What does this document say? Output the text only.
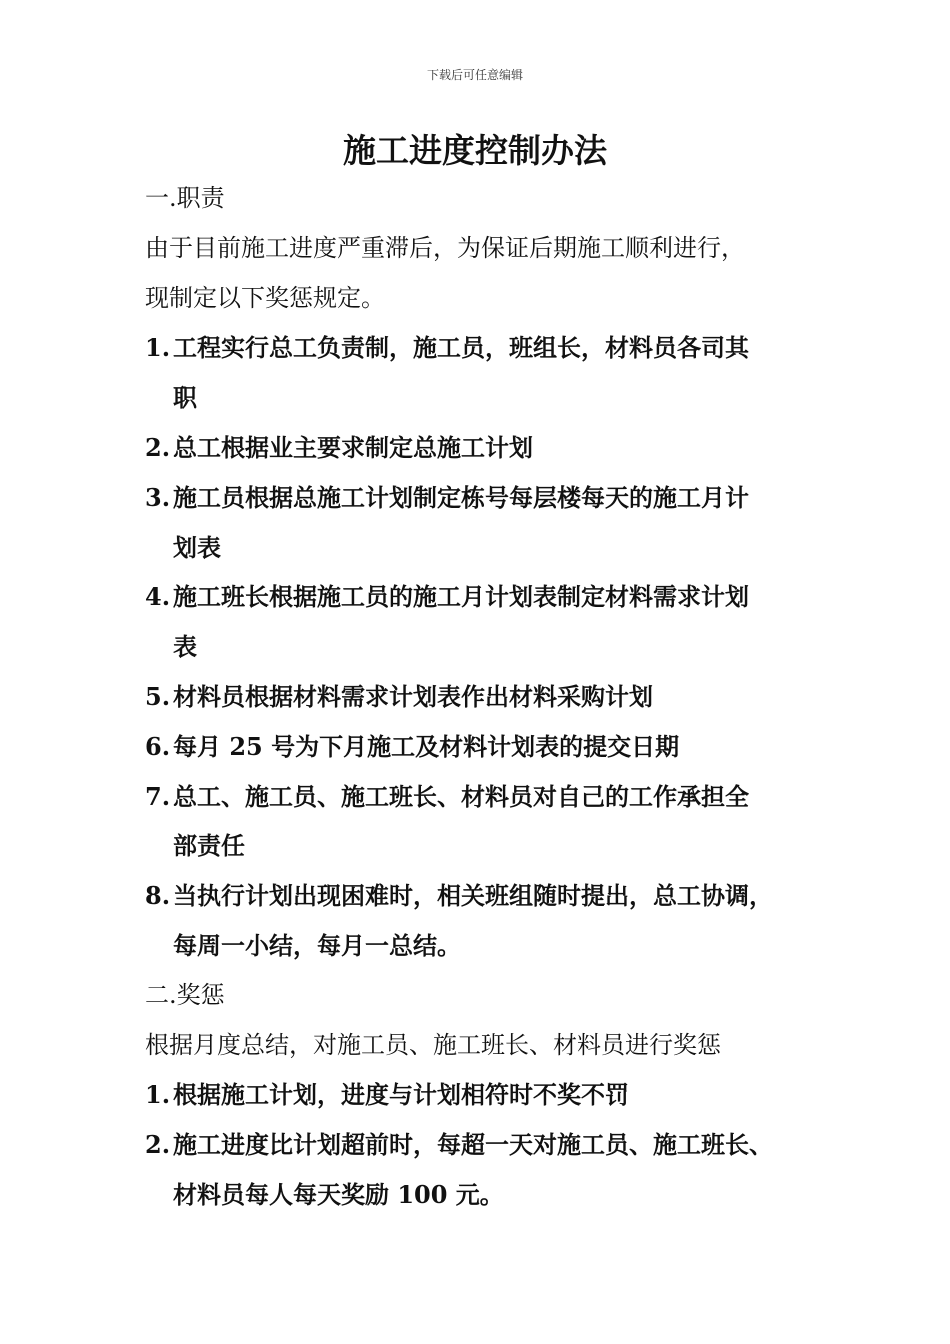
下载后可任意编辑
施工进度控制办法
一.职责
由于目前施工进度严重滞后，为保证后期施工顺利进行，
现制定以下奖惩规定。
1. 工程实行总工负责制，施工员，班组长，材料员各司其
职
2. 总工根据业主要求制定总施工计划
3. 施工员根据总施工计划制定栋号每层楼每天的施工月计
划表
4. 施工班长根据施工员的施工月计划表制定材料需求计划
表
5. 材料员根据材料需求计划表作出材料采购计划
6. 每月 25 号为下月施工及材料计划表的提交日期
7. 总工、施工员、施工班长、材料员对自己的工作承担全
部责任
8. 当执行计划出现困难时，相关班组随时提出，总工协调，
每周一小结，每月一总结。
二.奖惩
根据月度总结，对施工员、施工班长、材料员进行奖惩
1. 根据施工计划，进度与计划相符时不奖不罚
2. 施工进度比计划超前时，每超一天对施工员、施工班长、
材料员每人每天奖励 100 元。
